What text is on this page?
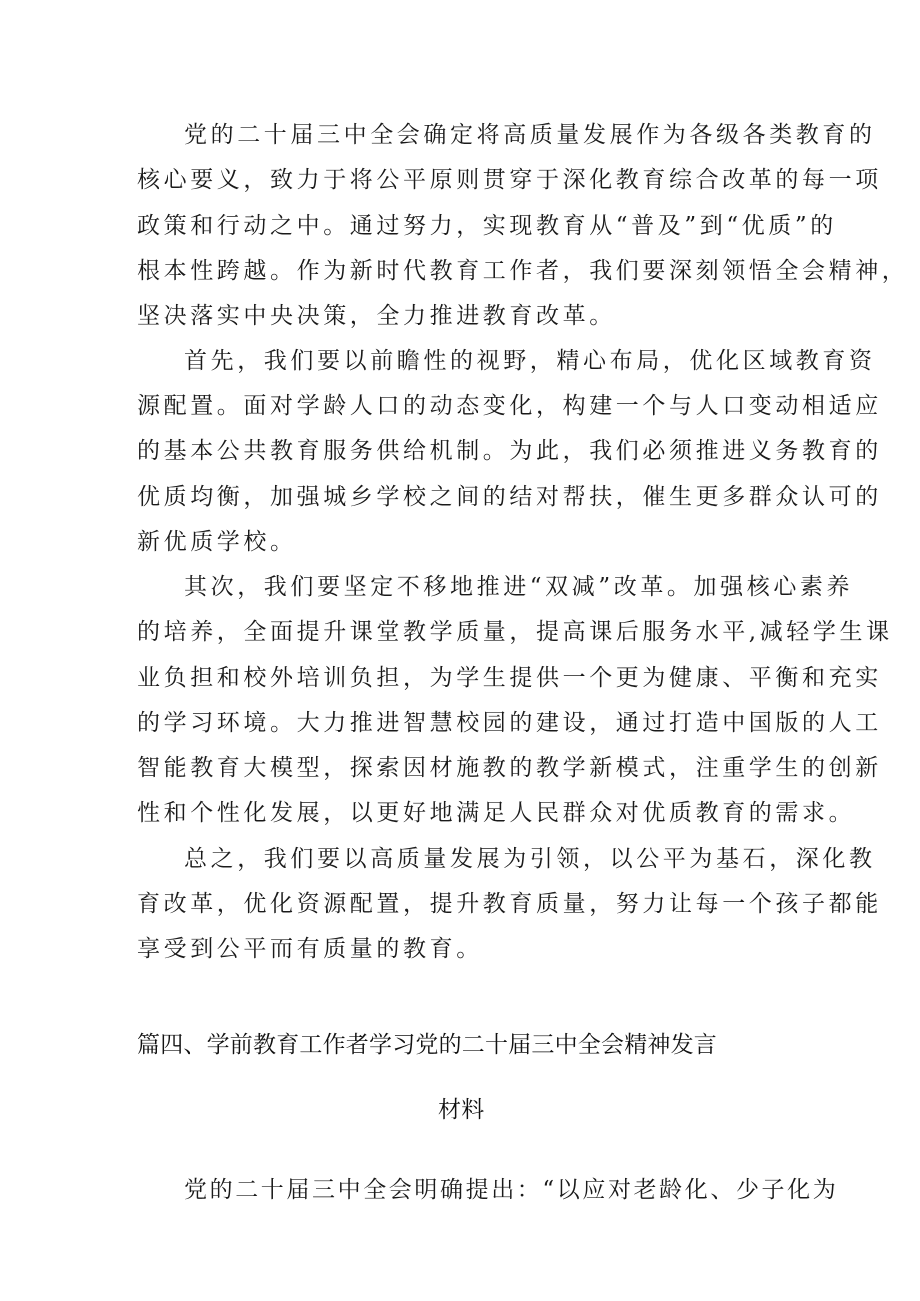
党的二十届三中全会确定将高质量发展作为各级各类教育的
核心要义，致力于将公平原则贯穿于深化教育综合改革的每一项
政策和行动之中。通过努力，实现教育从“普及”到“优质”的
根本性跨越。作为新时代教育工作者，我们要深刻领悟全会精神，
坚决落实中央决策，全力推进教育改革。
首先，我们要以前瞻性的视野，精心布局，优化区域教育资
源配置。面对学龄人口的动态变化，构建一个与人口变动相适应
的基本公共教育服务供给机制。为此，我们必须推进义务教育的
优质均衡，加强城乡学校之间的结对帮扶，催生更多群众认可的
新优质学校。
其次，我们要坚定不移地推进“双减”改革。加强核心素养
的培养，全面提升课堂教学质量，提高课后服务水平,减轻学生课
业负担和校外培训负担，为学生提供一个更为健康、平衡和充实
的学习环境。大力推进智慧校园的建设，通过打造中国版的人工
智能教育大模型，探索因材施教的教学新模式，注重学生的创新
性和个性化发展，以更好地满足人民群众对优质教育的需求。
总之，我们要以高质量发展为引领，以公平为基石，深化教
育改革，优化资源配置，提升教育质量，努力让每一个孩子都能
享受到公平而有质量的教育。
篇四、学前教育工作者学习党的二十届三中全会精神发言
材料
党的二十届三中全会明确提出：“以应对老龄化、少子化为
